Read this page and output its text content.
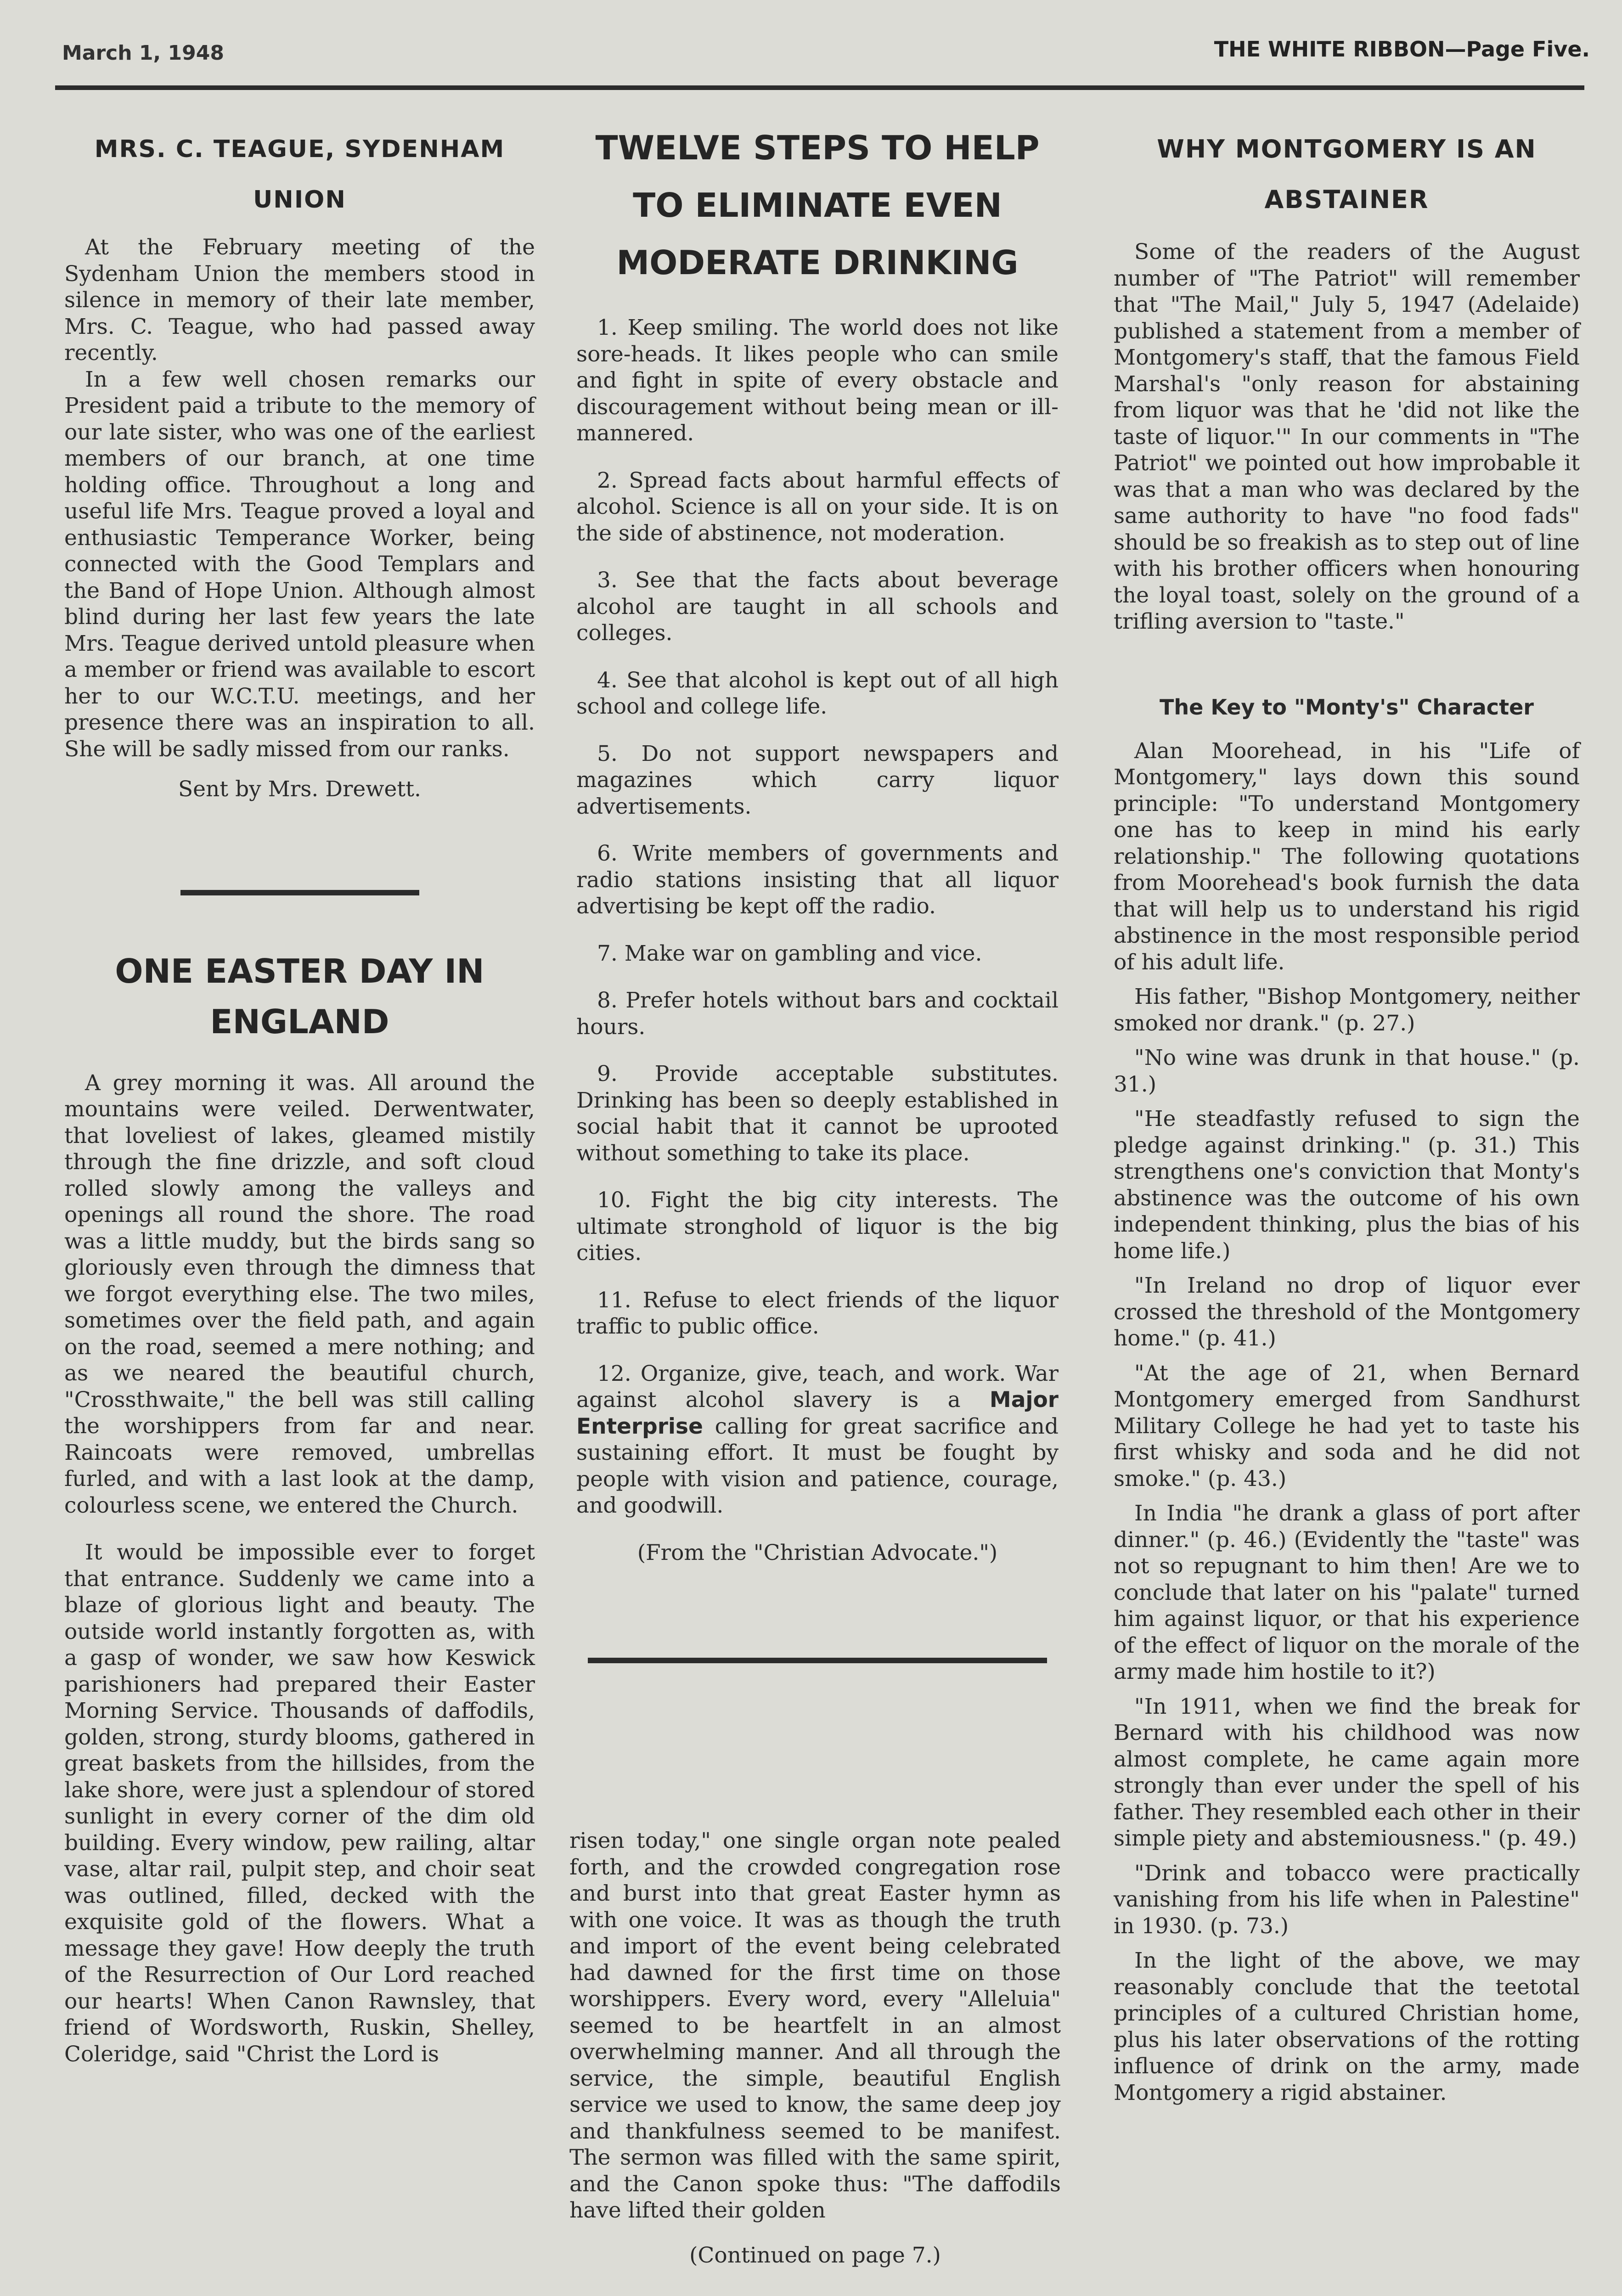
March 1, 1948	THE WHITE RIBBON—Page Five.
MRS. C. TEAGUE, SYDENHAM
UNION

At the February meeting of the Sydenham Union the members stood in silence in memory of their late member, Mrs. C. Teague, who had passed away recently.

In a few well chosen remarks our President paid a tribute to the memory of our late sister, who was one of the earliest members of our branch, at one time holding office. Throughout a long and useful life Mrs. Teague proved a loyal and enthusiastic Temperance Worker, being connected with the Good Templars and the Band of Hope Union. Although almost blind during her last few years the late Mrs. Teague derived untold pleasure when a member or friend was available to escort her to our W.C.T.U. meetings, and her presence there was an inspiration to all. She will be sadly missed from our ranks.

Sent by Mrs. Drewett.

ONE EASTER DAY IN
ENGLAND

A grey morning it was. All around the mountains were veiled. Derwentwater, that loveliest of lakes, gleamed mistily through the fine drizzle, and soft cloud rolled slowly among the valleys and openings all round the shore. The road was a little muddy, but the birds sang so gloriously even through the dimness that we forgot everything else. The two miles, sometimes over the field path, and again on the road, seemed a mere nothing; and as we neared the beautiful church, "Crossthwaite," the bell was still calling the worshippers from far and near. Raincoats were removed, umbrellas furled, and with a last look at the damp, colourless scene, we entered the Church.

It would be impossible ever to forget that entrance. Suddenly we came into a blaze of glorious light and beauty. The outside world instantly forgotten as, with a gasp of wonder, we saw how Keswick parishioners had prepared their Easter Morning Service. Thousands of daffodils, golden, strong, sturdy blooms, gathered in great baskets from the hillsides, from the lake shore, were just a splendour of stored sunlight in every corner of the dim old building. Every window, pew railing, altar vase, altar rail, pulpit step, and choir seat was outlined, filled, decked with the exquisite gold of the flowers. What a message they gave! How deeply the truth of the Resurrection of Our Lord reached our hearts! When Canon Rawnsley, that friend of Wordsworth, Ruskin, Shelley, Coleridge, said "Christ the Lord is

TWELVE STEPS TO HELP
TO ELIMINATE EVEN
MODERATE DRINKING

1. Keep smiling. The world does not like sore-heads. It likes people who can smile and fight in spite of every obstacle and discouragement without being mean or ill-mannered.

2. Spread facts about harmful effects of alcohol. Science is all on your side. It is on the side of abstinence, not moderation.

3. See that the facts about beverage alcohol are taught in all schools and colleges.

4. See that alcohol is kept out of all high school and college life.

5. Do not support newspapers and magazines which carry liquor advertisements.

6. Write members of governments and radio stations insisting that all liquor advertising be kept off the radio.

7. Make war on gambling and vice.

8. Prefer hotels without bars and cocktail hours.

9. Provide acceptable substitutes. Drinking has been so deeply established in social habit that it cannot be uprooted without something to take its place.

10. Fight the big city interests. The ultimate stronghold of liquor is the big cities.

11. Refuse to elect friends of the liquor traffic to public office.

12. Organize, give, teach, and work. War against alcohol slavery is a Major Enterprise calling for great sacrifice and sustaining effort. It must be fought by people with vision and patience, courage, and goodwill.

(From the "Christian Advocate.")

risen today," one single organ note pealed forth, and the crowded congregation rose and burst into that great Easter hymn as with one voice. It was as though the truth and import of the event being celebrated had dawned for the first time on those worshippers. Every word, every "Alleluia" seemed to be heartfelt in an almost overwhelming manner. And all through the service, the simple, beautiful English service we used to know, the same deep joy and thankfulness seemed to be manifest. The sermon was filled with the same spirit, and the Canon spoke thus: "The daffodils have lifted their golden

(Continued on page 7.)

WHY MONTGOMERY IS AN
ABSTAINER

Some of the readers of the August number of "The Patriot" will remember that "The Mail," July 5, 1947 (Adelaide) published a statement from a member of Montgomery's staff, that the famous Field Marshal's "only reason for abstaining from liquor was that he 'did not like the taste of liquor.'" In our comments in "The Patriot" we pointed out how improbable it was that a man who was declared by the same authority to have "no food fads" should be so freakish as to step out of line with his brother officers when honouring the loyal toast, solely on the ground of a trifling aversion to "taste."

The Key to "Monty's" Character

Alan Moorehead, in his "Life of Montgomery," lays down this sound principle: "To understand Montgomery one has to keep in mind his early relationship." The following quotations from Moorehead's book furnish the data that will help us to understand his rigid abstinence in the most responsible period of his adult life.

His father, "Bishop Montgomery, neither smoked nor drank." (p. 27.)

"No wine was drunk in that house." (p. 31.)

"He steadfastly refused to sign the pledge against drinking." (p. 31.) This strengthens one's conviction that Monty's abstinence was the outcome of his own independent thinking, plus the bias of his home life.)

"In Ireland no drop of liquor ever crossed the threshold of the Montgomery home." (p. 41.)

"At the age of 21, when Bernard Montgomery emerged from Sandhurst Military College he had yet to taste his first whisky and soda and he did not smoke." (p. 43.)

In India "he drank a glass of port after dinner." (p. 46.) (Evidently the "taste" was not so repugnant to him then! Are we to conclude that later on his "palate" turned him against liquor, or that his experience of the effect of liquor on the morale of the army made him hostile to it?)

"In 1911, when we find the break for Bernard with his childhood was now almost complete, he came again more strongly than ever under the spell of his father. They resembled each other in their simple piety and abstemiousness." (p. 49.)

"Drink and tobacco were practically vanishing from his life when in Palestine" in 1930. (p. 73.)

In the light of the above, we may reasonably conclude that the teetotal principles of a cultured Christian home, plus his later observations of the rotting influence of drink on the army, made Montgomery a rigid abstainer.
